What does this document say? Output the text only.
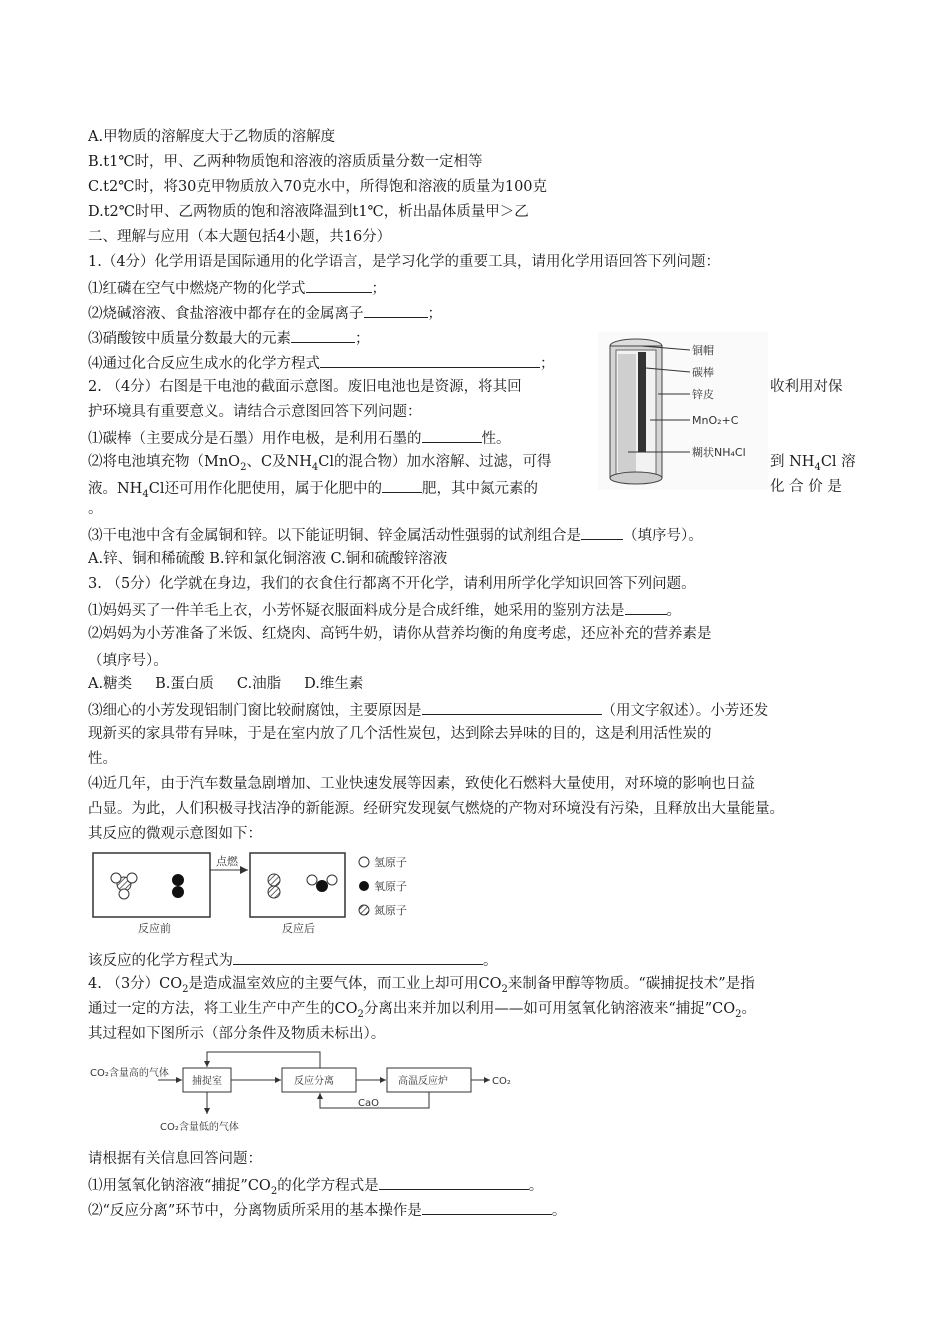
A.甲物质的溶解度大于乙物质的溶解度
B.t1℃时，甲、乙两种物质饱和溶液的溶质质量分数一定相等
C.t2℃时，将30克甲物质放入70克水中，所得饱和溶液的质量为100克
D.t2℃时甲、乙两物质的饱和溶液降温到t1℃，析出晶体质量甲＞乙
二、理解与应用（本大题包括4小题，共16分）
1.（4分）化学用语是国际通用的化学语言，是学习化学的重要工具，请用化学用语回答下列问题：
⑴红磷在空气中燃烧产物的化学式	；
⑵烧碱溶液、食盐溶液中都存在的金属离子	；
⑶硝酸铵中质量分数最大的元素	；
⑷通过化合反应生成水的化学方程式	；
2. （4分）右图是干电池的截面示意图。废旧电池也是资源，将其回	收利用对保
护环境具有重要意义。请结合示意图回答下列问题：
⑴碳棒（主要成分是石墨）用作电极，是利用石墨的	性。
⑵将电池填充物（MnO$_2$、C及$NH_4Cl$的混合物）加水溶解、过滤，可得	到 $NH_4Cl$ 溶
液。$NH_4Cl$还可用作化肥使用，属于化肥中的	肥，其中氮元素的	化 合 价 是
。
⑶干电池中含有金属铜和锌。以下能证明铜、锌金属活动性强弱的试剂组合是	（填序号）。
A.锌、铜和稀硫酸 B.锌和氯化铜溶液 C.铜和硫酸锌溶液
铜帽
碳棒
锌皮
MnO₂+C
糊状NH₄Cl
3. （5分）化学就在身边，我们的衣食住行都离不开化学，请利用所学化学知识回答下列问题。
⑴妈妈买了一件羊毛上衣，小芳怀疑衣服面料成分是合成纤维，她采用的鉴别方法是	。
⑵妈妈为小芳准备了米饭、红烧肉、高钙牛奶，请你从营养均衡的角度考虑，还应补充的营养素是
（填序号）。
A.糖类     B.蛋白质     C.油脂     D.维生素
⑶细心的小芳发现铝制门窗比较耐腐蚀，主要原因是	（用文字叙述）。小芳还发
现新买的家具带有异味，于是在室内放了几个活性炭包，达到除去异味的目的，这是利用活性炭的
性。
⑷近几年，由于汽车数量急剧增加、工业快速发展等因素，致使化石燃料大量使用，对环境的影响也日益
凸显。为此，人们积极寻找洁净的新能源。经研究发现氨气燃烧的产物对环境没有污染，且释放出大量能量。
其反应的微观示意图如下：
点燃
反应前	反应后
氢原子
氧原子
氮原子
该反应的化学方程式为	。
4. （3分）$CO_2$是造成温室效应的主要气体，而工业上却可用$CO_2$来制备甲醇等物质。“碳捕捉技术”是指
通过一定的方法，将工业生产中产生的$CO_2$分离出来并加以利用——如可用氢氧化钠溶液来“捕捉$”CO_2$。
其过程如下图所示（部分条件及物质未标出）。
CO₂含量高的气体
捕捉室	反应分离	高温反应炉	CO₂
CaO
CO₂含量低的气体
请根据有关信息回答问题：
⑴用氢氧化钠溶液“捕捉$”CO_2$的化学方程式是	。
⑵“反应分离”环节中，分离物质所采用的基本操作是	。
